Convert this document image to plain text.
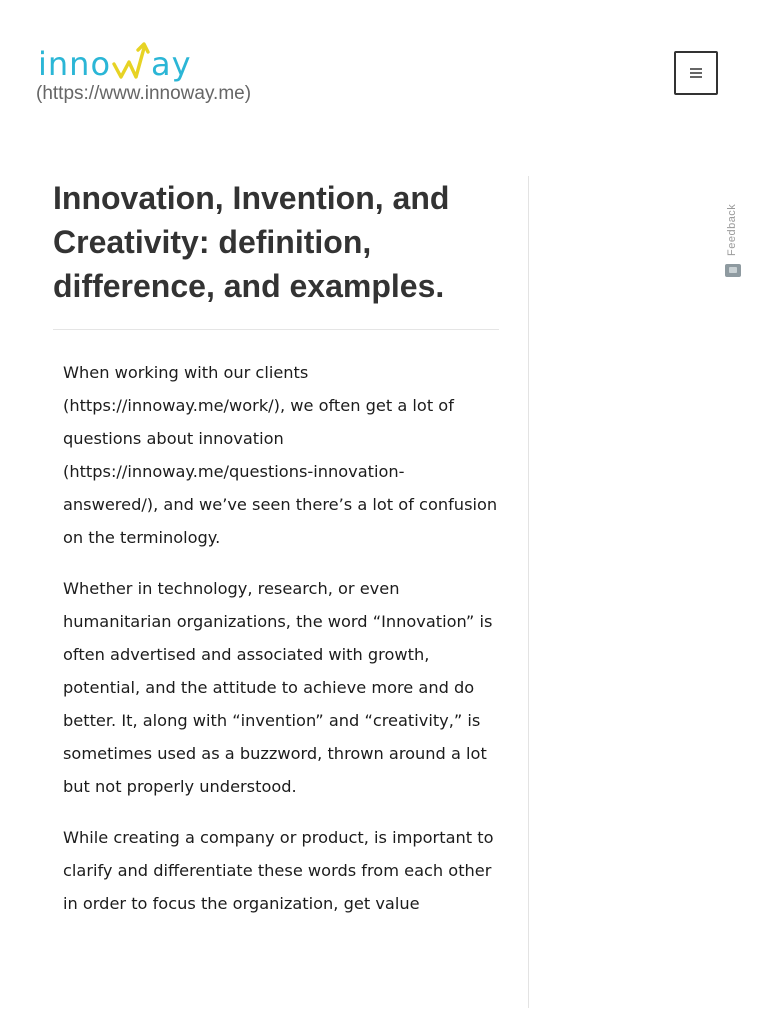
inno ay
(https://www.innoway.me)
Innovation, Invention, and Creativity: definition, difference, and examples.

When working with our clients (https://innoway.me/work/), we often get a lot of questions about innovation (https://innoway.me/questions-innovation-answered/), and we’ve seen there’s a lot of confusion on the terminology.

Whether in technology, research, or even humanitarian organizations, the word “Innovation” is often advertised and associated with growth, potential, and the attitude to achieve more and do better. It, along with “invention” and “creativity,” is sometimes used as a buzzword, thrown around a lot but not properly understood.

While creating a company or product, is important to clarify and differentiate these words from each other in order to focus the organization, get value

Feedback
